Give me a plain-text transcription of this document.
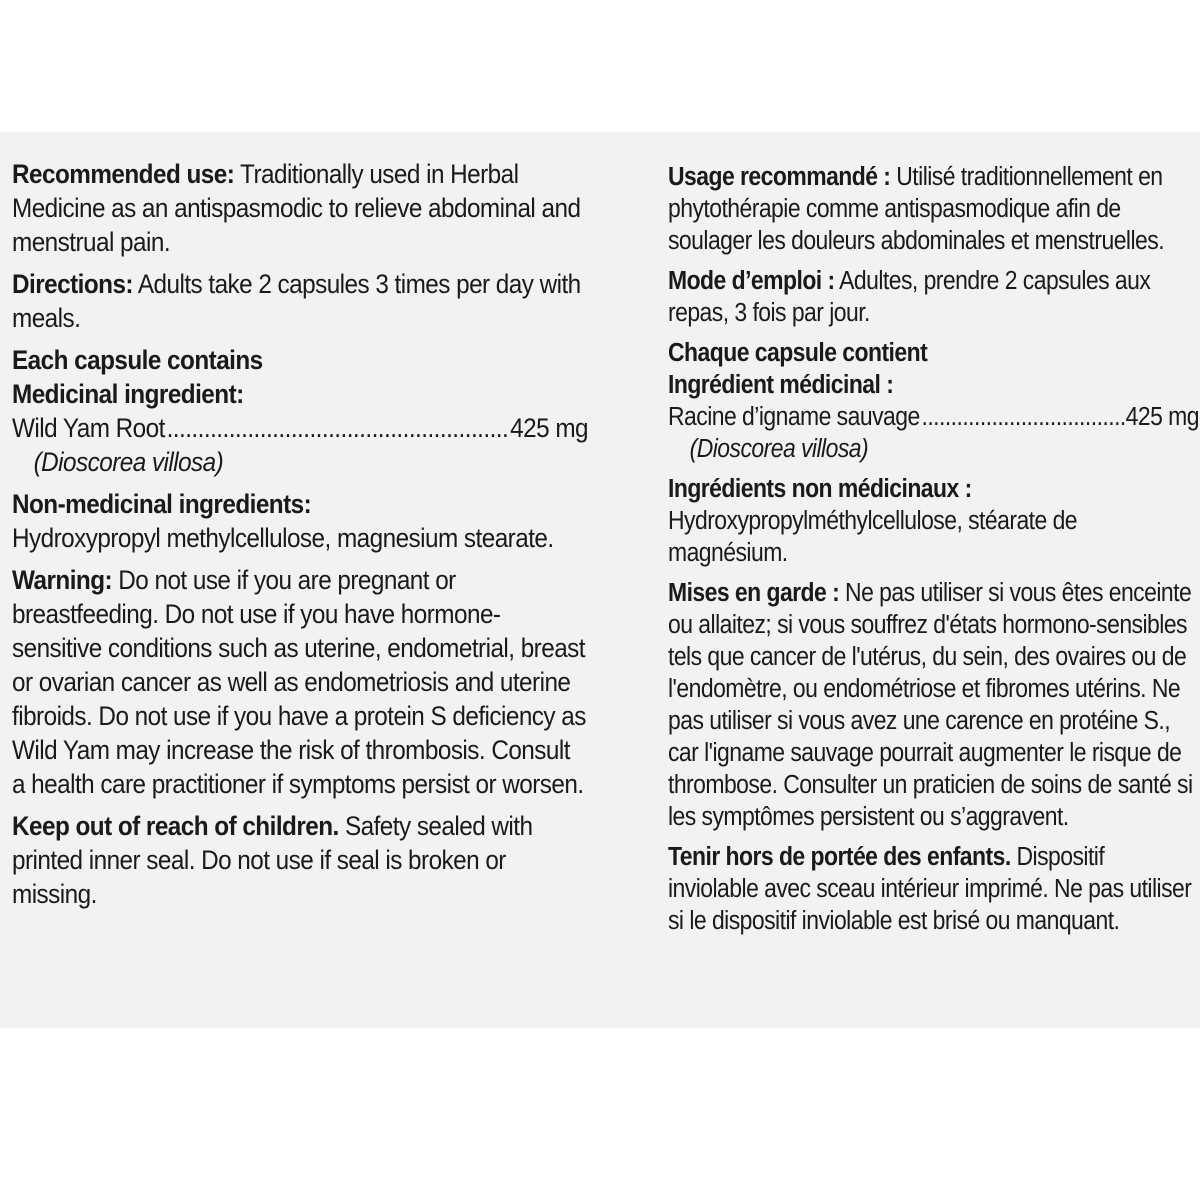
Recommended use: Traditionally used in Herbal Medicine as an antispasmodic to relieve abdominal and menstrual pain.

Directions: Adults take 2 capsules 3 times per day with meals.

Each capsule contains
Medicinal ingredient:
Wild Yam Root .....	425 mg
(Dioscorea villosa)
Non-medicinal ingredients:
Hydroxypropyl methylcellulose, magnesium stearate.

Warning: Do not use if you are pregnant or breastfeeding. Do not use if you have hormone-sensitive conditions such as uterine, endometrial, breast or ovarian cancer as well as endometriosis and uterine fibroids. Do not use if you have a protein S deficiency as Wild Yam may increase the risk of thrombosis. Consult a health care practitioner if symptoms persist or worsen.

Keep out of reach of children. Safety sealed with printed inner seal. Do not use if seal is broken or missing.

Usage recommandé : Utilisé traditionnellement en phytothérapie comme antispasmodique afin de soulager les douleurs abdominales et menstruelles.

Mode d’emploi : Adultes, prendre 2 capsules aux repas, 3 fois par jour.

Chaque capsule contient
Ingrédient médicinal :
Racine d’igname sauvage .....	425 mg
(Dioscorea villosa)
Ingrédients non médicinaux :
Hydroxypropylméthylcellulose, stéarate de magnésium.

Mises en garde : Ne pas utiliser si vous êtes enceinte ou allaitez; si vous souffrez d'états hormono-sensibles tels que cancer de l'utérus, du sein, des ovaires ou de l'endomètre, ou endométriose et fibromes utérins. Ne pas utiliser si vous avez une carence en protéine S., car l'igname sauvage pourrait augmenter le risque de thrombose. Consulter un praticien de soins de santé si les symptômes persistent ou s’aggravent.

Tenir hors de portée des enfants. Dispositif inviolable avec sceau intérieur imprimé. Ne pas utiliser si le dispositif inviolable est brisé ou manquant.
